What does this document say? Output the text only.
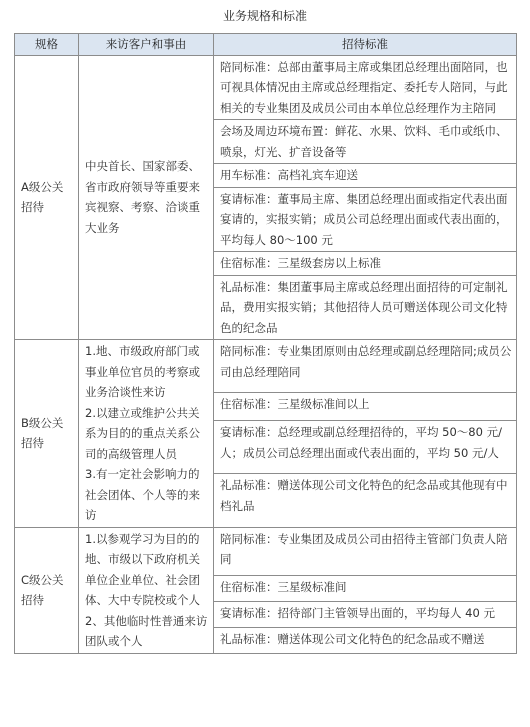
业务规格和标准
规格	来访客户和事由	招待标准
A级公关招待	中央首长、国家部委、省市政府领导等重要来宾视察、考察、洽谈重大业务	陪同标准：总部由董事局主席或集团总经理出面陪同，也可视具体情况由主席或总经理指定、委托专人陪同，与此相关的专业集团及成员公司由本单位总经理作为主陪同
		会场及周边环境布置：鲜花、水果、饮料、毛巾或纸巾、喷泉，灯光、扩音设备等
		用车标准：高档礼宾车迎送
		宴请标准：董事局主席、集团总经理出面或指定代表出面宴请的，实报实销；成员公司总经理出面或代表出面的，平均每人 80～100 元
		住宿标准：三星级套房以上标准
		礼品标准：集团董事局主席或总经理出面招待的可定制礼品，费用实报实销；其他招待人员可赠送体现公司文化特色的纪念品
B级公关招待	1.地、市级政府部门或事业单位官员的考察或业务洽谈性来访
2.以建立或维护公共关系为目的的重点关系公司的高级管理人员
3.有一定社会影响力的社会团体、个人等的来访	陪同标准：专业集团原则由总经理或副总经理陪同;成员公司由总经理陪同
		住宿标准：三星级标准间以上
		宴请标准：总经理或副总经理招待的，平均 50～80 元/人；成员公司总经理出面或代表出面的，平均 50 元/人
		礼品标准：赠送体现公司文化特色的纪念品或其他现有中档礼品
C级公关招待	1.以参观学习为目的的地、市级以下政府机关单位企业单位、社会团体、大中专院校或个人
2、其他临时性普通来访团队或个人	陪同标准：专业集团及成员公司由招待主管部门负责人陪同
		住宿标准：三星级标准间
		宴请标准：招待部门主管领导出面的，平均每人 40 元
		礼品标准：赠送体现公司文化特色的纪念品或不赠送
